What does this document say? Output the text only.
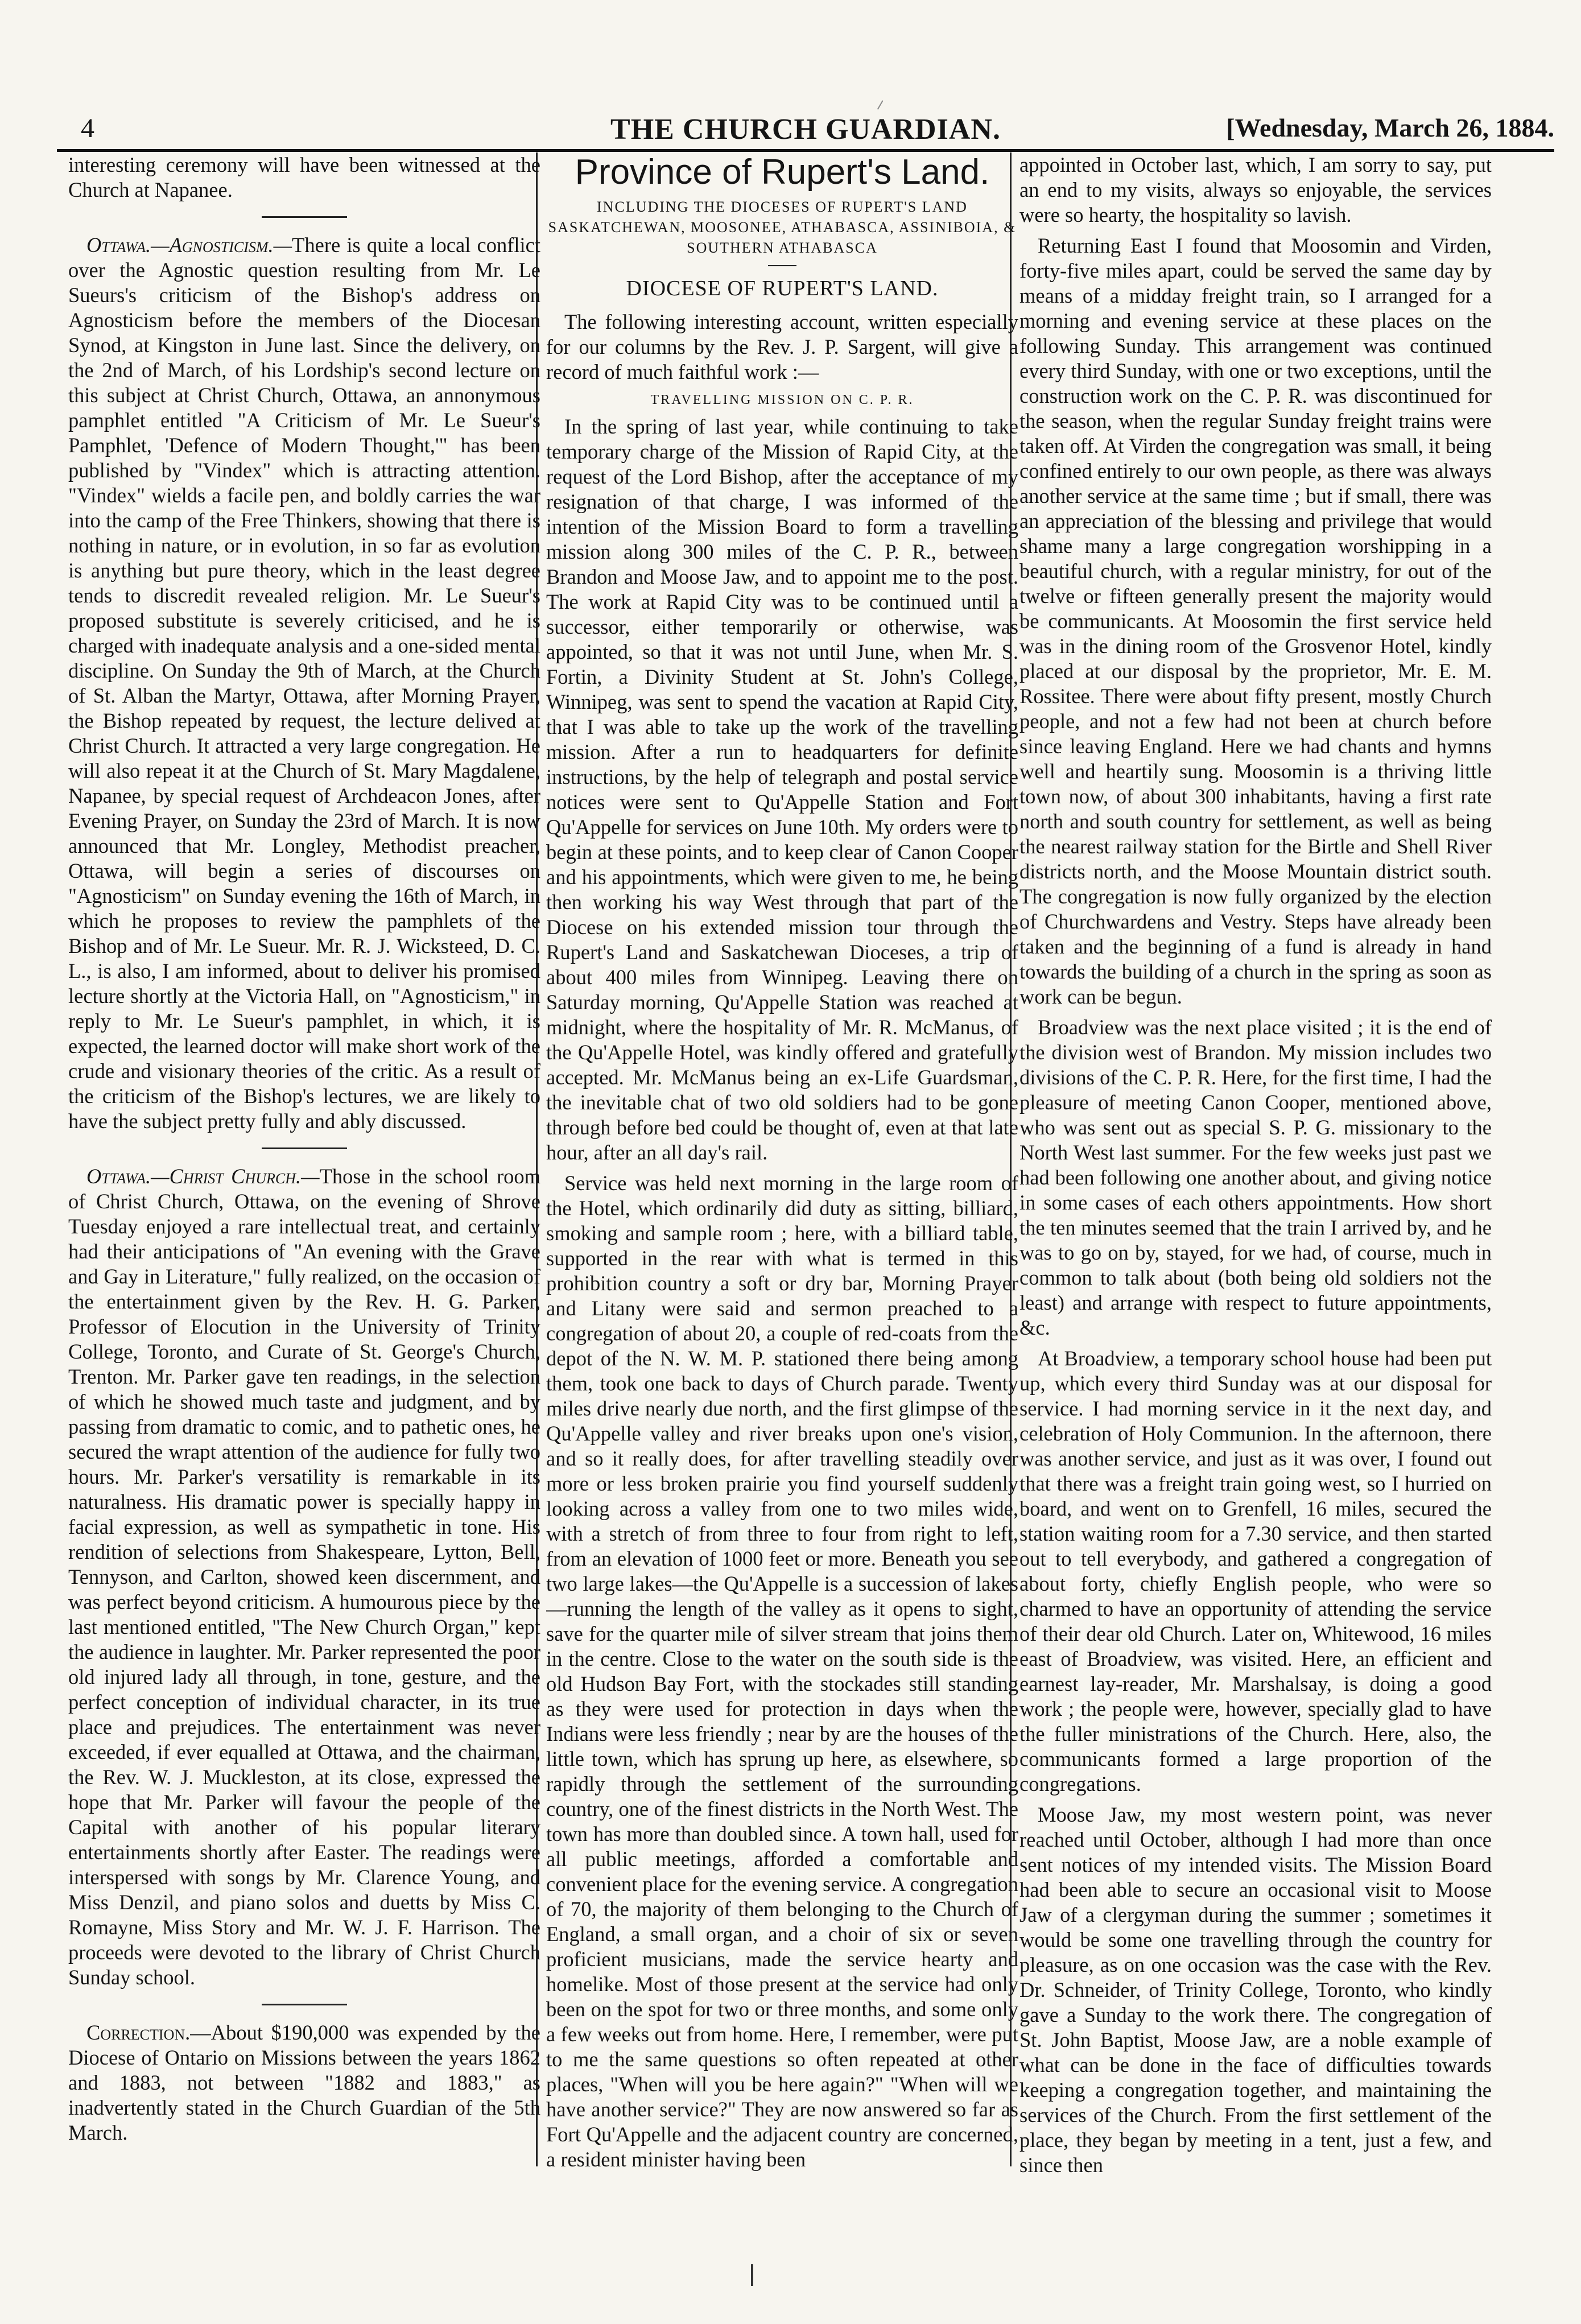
4	THE CHURCH GUARDIAN.	[Wednesday, March 26, 1884.

interesting ceremony will have been witnessed at the Church at Napanee.

Ottawa.—Agnosticism.—There is quite a local conflict over the Agnostic question resulting from Mr. Le Sueurs's criticism of the Bishop's address on Agnosticism before the members of the Diocesan Synod, at Kingston in June last. Since the delivery, on the 2nd of March, of his Lordship's second lecture on this subject at Christ Church, Ottawa, an annonymous pamphlet entitled "A Criticism of Mr. Le Sueur's Pamphlet, 'Defence of Modern Thought,'" has been published by "Vindex" which is attracting attention. "Vindex" wields a facile pen, and boldly carries the war into the camp of the Free Thinkers, showing that there is nothing in nature, or in evolution, in so far as evolution is anything but pure theory, which in the least degree tends to discredit revealed religion. Mr. Le Sueur's proposed substitute is severely criticised, and he is charged with inadequate analysis and a one-sided mental discipline. On Sunday the 9th of March, at the Church of St. Alban the Martyr, Ottawa, after Morning Prayer, the Bishop repeated by request, the lecture delived at Christ Church. It attracted a very large congregation. He will also repeat it at the Church of St. Mary Magdalene, Napanee, by special request of Archdeacon Jones, after Evening Prayer, on Sunday the 23rd of March. It is now announced that Mr. Longley, Methodist preacher, Ottawa, will begin a series of discourses on "Agnosticism" on Sunday evening the 16th of March, in which he proposes to review the pamphlets of the Bishop and of Mr. Le Sueur. Mr. R. J. Wicksteed, D. C. L., is also, I am informed, about to deliver his promised lecture shortly at the Victoria Hall, on "Agnosticism," in reply to Mr. Le Sueur's pamphlet, in which, it is expected, the learned doctor will make short work of the crude and visionary theories of the critic. As a result of the criticism of the Bishop's lectures, we are likely to have the subject pretty fully and ably discussed.

Ottawa.—Christ Church.—Those in the school room of Christ Church, Ottawa, on the evening of Shrove Tuesday enjoyed a rare intellectual treat, and certainly had their anticipations of "An evening with the Grave and Gay in Literature," fully realized, on the occasion of the entertainment given by the Rev. H. G. Parker, Professor of Elocution in the University of Trinity College, Toronto, and Curate of St. George's Church, Trenton. Mr. Parker gave ten readings, in the selection of which he showed much taste and judgment, and by passing from dramatic to comic, and to pathetic ones, he secured the wrapt attention of the audience for fully two hours. Mr. Parker's versatility is remarkable in its naturalness. His dramatic power is specially happy in facial expression, as well as sympathetic in tone. His rendition of selections from Shakespeare, Lytton, Bell, Tennyson, and Carlton, showed keen discernment, and was perfect beyond criticism. A humourous piece by the last mentioned entitled, "The New Church Organ," kept the audience in laughter. Mr. Parker represented the poor old injured lady all through, in tone, gesture, and the perfect conception of individual character, in its true place and prejudices. The entertainment was never exceeded, if ever equalled at Ottawa, and the chairman, the Rev. W. J. Muckleston, at its close, expressed the hope that Mr. Parker will favour the people of the Capital with another of his popular literary entertainments shortly after Easter. The readings were interspersed with songs by Mr. Clarence Young, and Miss Denzil, and piano solos and duetts by Miss C. Romayne, Miss Story and Mr. W. J. F. Harrison. The proceeds were devoted to the library of Christ Church Sunday school.

Correction.—About $190,000 was expended by the Diocese of Ontario on Missions between the years 1862 and 1883, not between "1882 and 1883," as inadvertently stated in the Church Guardian of the 5th March.

Province of Rupert's Land.
INCLUDING THE DIOCESES OF RUPERT'S LAND SASKATCHEWAN, MOOSONEE, ATHABASCA, ASSINIBOIA, & SOUTHERN ATHABASCA
DIOCESE OF RUPERT'S LAND.

The following interesting account, written especially for our columns by the Rev. J. P. Sargent, will give a record of much faithful work :—

TRAVELLING MISSION ON C. P. R.

In the spring of last year, while continuing to take temporary charge of the Mission of Rapid City, at the request of the Lord Bishop, after the acceptance of my resignation of that charge, I was informed of the intention of the Mission Board to form a travelling mission along 300 miles of the C. P. R., between Brandon and Moose Jaw, and to appoint me to the post. The work at Rapid City was to be continued until a successor, either temporarily or otherwise, was appointed, so that it was not until June, when Mr. S. Fortin, a Divinity Student at St. John's College, Winnipeg, was sent to spend the vacation at Rapid City, that I was able to take up the work of the travelling mission. After a run to headquarters for definite instructions, by the help of telegraph and postal service notices were sent to Qu'Appelle Station and Fort Qu'Appelle for services on June 10th. My orders were to begin at these points, and to keep clear of Canon Cooper and his appointments, which were given to me, he being then working his way West through that part of the Diocese on his extended mission tour through the Rupert's Land and Saskatchewan Dioceses, a trip of about 400 miles from Winnipeg. Leaving there on Saturday morning, Qu'Appelle Station was reached at midnight, where the hospitality of Mr. R. McManus, of the Qu'Appelle Hotel, was kindly offered and gratefully accepted. Mr. McManus being an ex-Life Guardsman, the inevitable chat of two old soldiers had to be gone through before bed could be thought of, even at that late hour, after an all day's rail.

Service was held next morning in the large room of the Hotel, which ordinarily did duty as sitting, billiard, smoking and sample room ; here, with a billiard table, supported in the rear with what is termed in this prohibition country a soft or dry bar, Morning Prayer and Litany were said and sermon preached to a congregation of about 20, a couple of red-coats from the depot of the N. W. M. P. stationed there being among them, took one back to days of Church parade. Twenty miles drive nearly due north, and the first glimpse of the Qu'Appelle valley and river breaks upon one's vision, and so it really does, for after travelling steadily over more or less broken prairie you find yourself suddenly looking across a valley from one to two miles wide, with a stretch of from three to four from right to left, from an elevation of 1000 feet or more. Beneath you see two large lakes—the Qu'Appelle is a succession of lakes—running the length of the valley as it opens to sight, save for the quarter mile of silver stream that joins them in the centre. Close to the water on the south side is the old Hudson Bay Fort, with the stockades still standing as they were used for protection in days when the Indians were less friendly ; near by are the houses of the little town, which has sprung up here, as elsewhere, so rapidly through the settlement of the surrounding country, one of the finest districts in the North West. The town has more than doubled since. A town hall, used for all public meetings, afforded a comfortable and convenient place for the evening service. A congregation of 70, the majority of them belonging to the Church of England, a small organ, and a choir of six or seven proficient musicians, made the service hearty and homelike. Most of those present at the service had only been on the spot for two or three months, and some only a few weeks out from home. Here, I remember, were put to me the same questions so often repeated at other places, "When will you be here again?" "When will we have another service?" They are now answered so far as Fort Qu'Appelle and the adjacent country are concerned, a resident minister having been

appointed in October last, which, I am sorry to say, put an end to my visits, always so enjoyable, the services were so hearty, the hospitality so lavish.

Returning East I found that Moosomin and Virden, forty-five miles apart, could be served the same day by means of a midday freight train, so I arranged for a morning and evening service at these places on the following Sunday. This arrangement was continued every third Sunday, with one or two exceptions, until the construction work on the C. P. R. was discontinued for the season, when the regular Sunday freight trains were taken off. At Virden the congregation was small, it being confined entirely to our own people, as there was always another service at the same time ; but if small, there was an appreciation of the blessing and privilege that would shame many a large congregation worshipping in a beautiful church, with a regular ministry, for out of the twelve or fifteen generally present the majority would be communicants. At Moosomin the first service held was in the dining room of the Grosvenor Hotel, kindly placed at our disposal by the proprietor, Mr. E. M. Rossitee. There were about fifty present, mostly Church people, and not a few had not been at church before since leaving England. Here we had chants and hymns well and heartily sung. Moosomin is a thriving little town now, of about 300 inhabitants, having a first rate north and south country for settlement, as well as being the nearest railway station for the Birtle and Shell River districts north, and the Moose Mountain district south. The congregation is now fully organized by the election of Churchwardens and Vestry. Steps have already been taken and the beginning of a fund is already in hand towards the building of a church in the spring as soon as work can be begun.

Broadview was the next place visited ; it is the end of the division west of Brandon. My mission includes two divisions of the C. P. R. Here, for the first time, I had the pleasure of meeting Canon Cooper, mentioned above, who was sent out as special S. P. G. missionary to the North West last summer. For the few weeks just past we had been following one another about, and giving notice in some cases of each others appointments. How short the ten minutes seemed that the train I arrived by, and he was to go on by, stayed, for we had, of course, much in common to talk about (both being old soldiers not the least) and arrange with respect to future appointments, &c.

At Broadview, a temporary school house had been put up, which every third Sunday was at our disposal for service. I had morning service in it the next day, and celebration of Holy Communion. In the afternoon, there was another service, and just as it was over, I found out that there was a freight train going west, so I hurried on board, and went on to Grenfell, 16 miles, secured the station waiting room for a 7.30 service, and then started out to tell everybody, and gathered a congregation of about forty, chiefly English people, who were so charmed to have an opportunity of attending the service of their dear old Church. Later on, Whitewood, 16 miles east of Broadview, was visited. Here, an efficient and earnest lay-reader, Mr. Marshalsay, is doing a good work ; the people were, however, specially glad to have the fuller ministrations of the Church. Here, also, the communicants formed a large proportion of the congregations.

Moose Jaw, my most western point, was never reached until October, although I had more than once sent notices of my intended visits. The Mission Board had been able to secure an occasional visit to Moose Jaw of a clergyman during the summer ; sometimes it would be some one travelling through the country for pleasure, as on one occasion was the case with the Rev. Dr. Schneider, of Trinity College, Toronto, who kindly gave a Sunday to the work there. The congregation of St. John Baptist, Moose Jaw, are a noble example of what can be done in the face of difficulties towards keeping a congregation together, and maintaining the services of the Church. From the first settlement of the place, they began by meeting in a tent, just a few, and since then
